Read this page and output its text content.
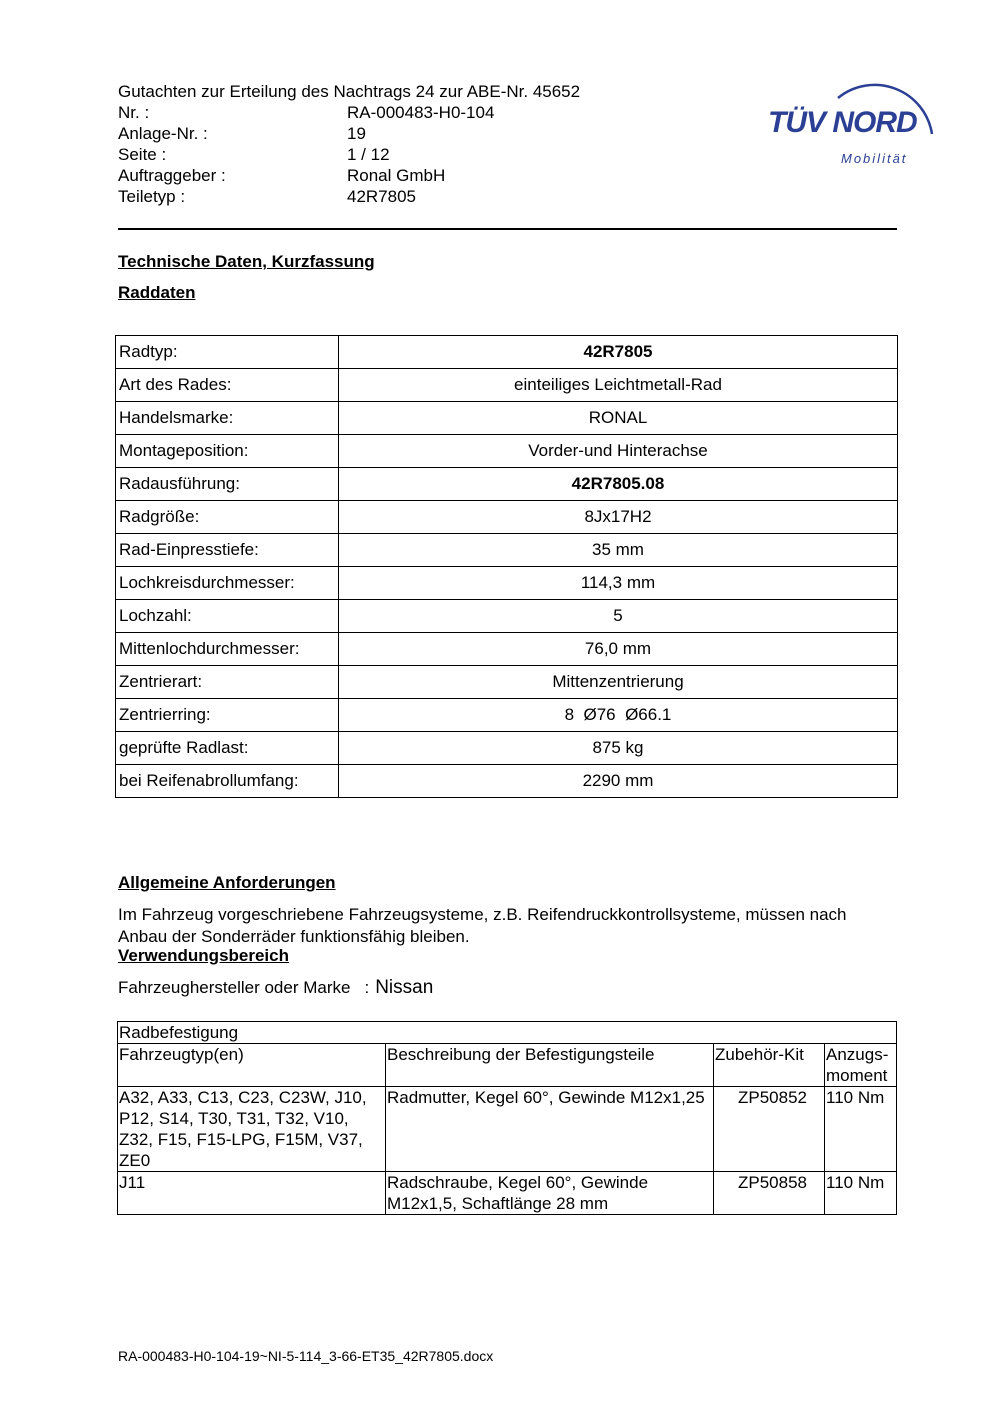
Gutachten zur Erteilung des Nachtrags 24 zur ABE-Nr. 45652
Nr. :	RA-000483-H0-104
Anlage-Nr. :	19
Seite :	1 / 12
Auftraggeber :	Ronal GmbH
Teiletyp :	42R7805
TÜV NORD
Mobilität
Technische Daten, Kurzfassung
Raddaten
Radtyp:	42R7805
Art des Rades:	einteiliges Leichtmetall-Rad
Handelsmarke:	RONAL
Montageposition:	Vorder-und Hinterachse
Radausführung:	42R7805.08
Radgröße:	8Jx17H2
Rad-Einpresstiefe:	35 mm
Lochkreisdurchmesser:	114,3 mm
Lochzahl:	5
Mittenlochdurchmesser:	76,0 mm
Zentrierart:	Mittenzentrierung
Zentrierring:	8  Ø76  Ø66.1
geprüfte Radlast:	875 kg
bei Reifenabrollumfang:	2290 mm
Allgemeine Anforderungen
Im Fahrzeug vorgeschriebene Fahrzeugsysteme, z.B. Reifendruckkontrollsysteme, müssen nach Anbau der Sonderräder funktionsfähig bleiben.
Verwendungsbereich
Fahrzeughersteller oder Marke : Nissan
Radbefestigung			
Fahrzeugtyp(en)	Beschreibung der Befestigungsteile	Zubehör-Kit	Anzugs-moment
A32, A33, C13, C23, C23W, J10, P12, S14, T30, T31, T32, V10, Z32, F15, F15-LPG, F15M, V37, ZE0	Radmutter, Kegel 60°, Gewinde M12x1,25	ZP50852	110 Nm
J11	Radschraube, Kegel 60°, Gewinde M12x1,5, Schaftlänge 28 mm	ZP50858	110 Nm
RA-000483-H0-104-19~NI-5-114_3-66-ET35_42R7805.docx
